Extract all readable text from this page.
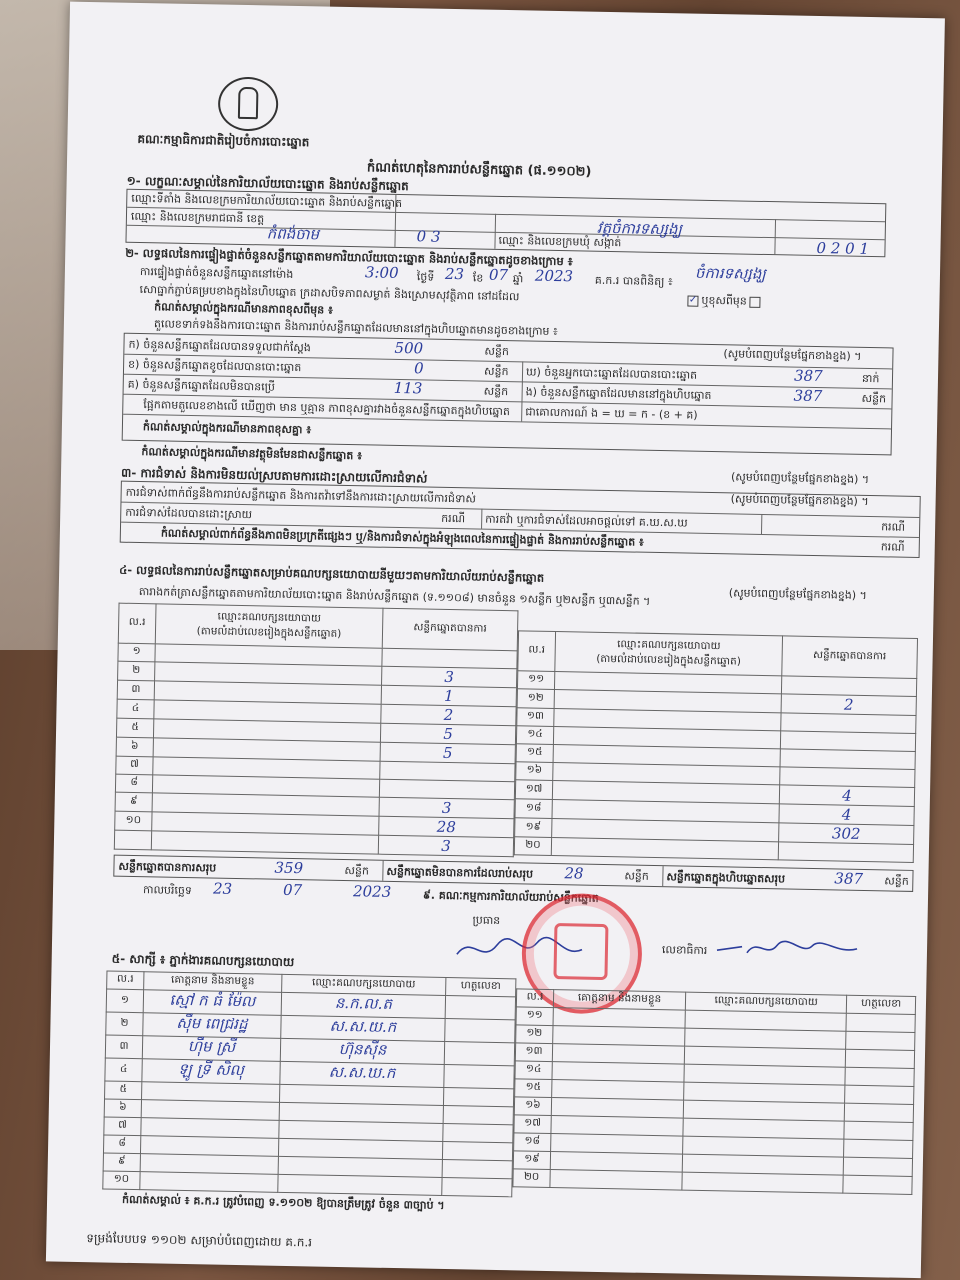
គណៈកម្មាធិការជាតិរៀបចំការបោះឆ្នោត
កំណត់ហេតុនៃការរាប់សន្លឹកឆ្នោត (ផ.១១០២)
១- លក្ខណៈសម្គាល់នៃការិយាល័យបោះឆ្នោត និងរាប់សន្លឹកឆ្នោត
ឈ្មោះទីតាំង និងលេខក្រមការិយាល័យបោះឆ្នោត និងរាប់សន្លឹកឆ្នោត
ឈ្មោះ និងលេខក្រមរាជធានី ខេត្ត
កំពង់ចាម	0 3	ឈ្មោះ និងលេខក្រមឃុំ សង្កាត់
វត្តចំការទស្សង្ឃ
0 2 0 1
២- លទ្ធផលនៃការផ្ទៀងផ្ទាត់ចំនួនសន្លឹកឆ្នោតតាមការិយាល័យបោះឆ្នោត និងរាប់សន្លឹកឆ្នោតដូចខាងក្រោម ៖
ការផ្ទៀងផ្ទាត់ចំនួនសន្លឹកឆ្នោតនៅម៉ោង	3:00 ថ្ងៃទី 23 ខែ 07 ឆ្នាំ 2023 គ.ក.រ បានពិនិត្យ ៖ ចំការទស្សង្ឃ
សោធ្នាក់ភ្ជាប់គម្របខាងក្នុងនៃហិបឆ្នោត ក្រដាសបិទភាពសម្ងាត់ និងស្រោមសុវត្ថិភាព នៅដដែល	✓ ឬខុសពីមុន
កំណត់សម្គាល់ក្នុងករណីមានភាពខុសពីមុន ៖
តួលេខទាក់ទងនឹងការបោះឆ្នោត និងការរាប់សន្លឹកឆ្នោតដែលមាននៅក្នុងហិបឆ្នោតមានដូចខាងក្រោម ៖
(សូមបំពេញបន្ថែមផ្នែកខាងខ្នង) ។
ក) ចំនួនសន្លឹកឆ្នោតដែលបានទទួលជាក់ស្តែង	500	សន្លឹក
ខ) ចំនួនសន្លឹកឆ្នោតខូចដែលបានបោះឆ្នោត	0	សន្លឹក
គ) ចំនួនសន្លឹកឆ្នោតដែលមិនបានប្រើ	113	សន្លឹក
ឃ) ចំនួនអ្នកបោះឆ្នោតដែលបានបោះឆ្នោត	387	នាក់
ង) ចំនួនសន្លឹកឆ្នោតដែលមាននៅក្នុងហិបឆ្នោត	387	សន្លឹក
ជាគោលការណ៍ ង = ឃ = ក - (ខ + គ)
ផ្អែកតាមតួលេខខាងលើ ឃើញថា មាន ឬគ្មាន ភាពខុសគ្នារវាងចំនួនសន្លឹកឆ្នោតក្នុងហិបឆ្នោត
កំណត់សម្គាល់ក្នុងករណីមានភាពខុសគ្នា ៖
កំណត់សម្គាល់ក្នុងករណីមានវត្ថុមិនមែនជាសន្លឹកឆ្នោត ៖
(សូមបំពេញបន្ថែមផ្នែកខាងខ្នង) ។
៣- ការជំទាស់ និងការមិនយល់ស្របតាមការដោះស្រាយលើការជំទាស់
(សូមបំពេញបន្ថែមផ្នែកខាងខ្នង) ។
ការជំទាស់ពាក់ព័ន្ធនឹងការរាប់សន្លឹកឆ្នោត និងការតវ៉ាទៅនឹងការដោះស្រាយលើការជំទាស់
ការជំទាស់ដែលបានដោះស្រាយ	ករណី ការតវ៉ា ឬការជំទាស់ដែលអាចផ្តល់ទៅ គ.ឃ.ស.ឃ	ករណី
ករណី
កំណត់សម្គាល់ពាក់ព័ន្ធនឹងភាពមិនប្រក្រតីផ្សេងៗ ឬ/និងការជំទាស់ក្នុងអំឡុងពេលនៃការផ្ទៀងផ្ទាត់ និងការរាប់សន្លឹកឆ្នោត ៖
៤- លទ្ធផលនៃការរាប់សន្លឹកឆ្នោតសម្រាប់គណបក្សនយោបាយនីមួយៗតាមការិយាល័យរាប់សន្លឹកឆ្នោត
(សូមបំពេញបន្ថែមផ្នែកខាងខ្នង) ។
តារាងកត់ត្រាសន្លឹកឆ្នោតតាមការិយាល័យបោះឆ្នោត និងរាប់សន្លឹកឆ្នោត (ទ.១១០៨) មានចំនួន ១សន្លឹក ឬ២សន្លឹក ឬ៣សន្លឹក ។
ល.រ	ឈ្មោះគណបក្សនយោបាយ
(តាមលំដាប់លេខរៀងក្នុងសន្លឹកឆ្នោត)	សន្លឹកឆ្នោតបានការ
១		
២		3
៣		1
៤		2
៥		5
៦		5
៧		
៨		
៩		3
១០		28
		3
ល.រ	ឈ្មោះគណបក្សនយោបាយ
(តាមលំដាប់លេខរៀងក្នុងសន្លឹកឆ្នោត)	សន្លឹកឆ្នោតបានការ
១១		
១២		2
១៣		
១៤		
១៥		
១៦		
១៧		4
១៨		4
១៩		302
២០		
សន្លឹកឆ្នោតបានការសរុប	359	សន្លឹក សន្លឹកឆ្នោតមិនបានការដែលរាប់សរុប 28	សន្លឹក សន្លឹកឆ្នោតក្នុងហិបឆ្នោតសរុប	387 សន្លឹក
កាលបរិច្ឆេទ 23	07	2023	៩. គណៈកម្មការការិយាល័យរាប់សន្លឹកឆ្នោត
ប្រធាន
លេខាធិការ
៥- សាក្សី ៖ ភ្នាក់ងារគណបក្សនយោបាយ
ល.រ	គោត្តនាម និងនាមខ្លួន	ឈ្មោះគណបក្សនយោបាយ	ហត្ថលេខា
១	ស្មៅ ក ធំ ម៉ែល	ន.ក.ល.ត	
២	ស៊ឹម ពេជ្ររដ្ឋ	ស.ស.យ.ក	
៣	ហ៊ឹម ស្រី	ហ៊ុនស៊ីន	
៤	ឡូ ទ្រី សិលុ	ស.ស.ឃ.ក	
៥			
៦			
៧			
៨			
៩			
១០			
ល.រ	គោត្តនាម និងនាមខ្លួន	ឈ្មោះគណបក្សនយោបាយ	ហត្ថលេខា
១១			
១២			
១៣			
១៤			
១៥			
១៦			
១៧			
១៨			
១៩			
២០			
កំណត់សម្គាល់ ៖ គ.ក.រ ត្រូវបំពេញ ទ.១១០២ ឱ្យបានត្រឹមត្រូវ ចំនួន ៣ច្បាប់ ។
ទម្រង់បែបបទ ១១០២ សម្រាប់បំពេញដោយ គ.ក.រ
